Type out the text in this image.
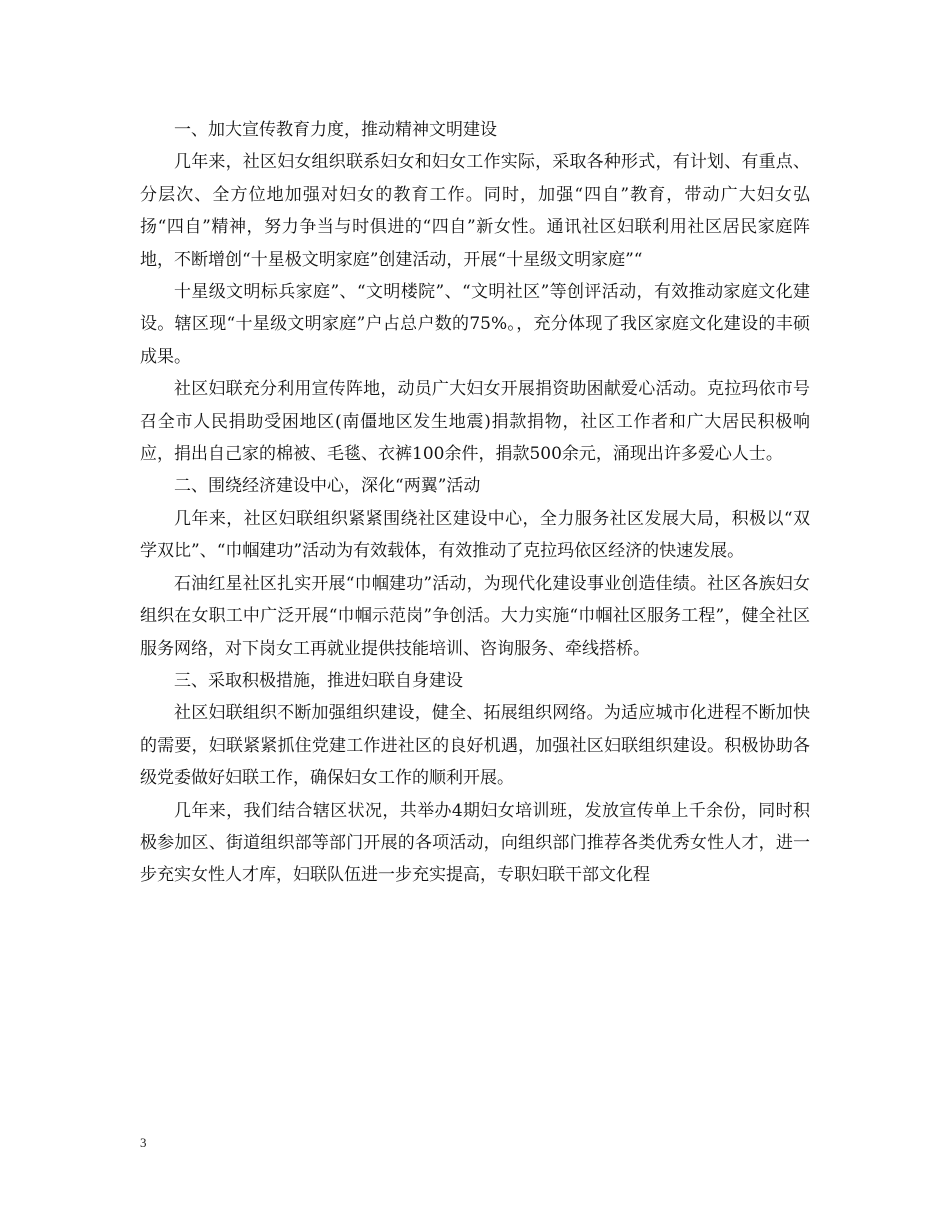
一、加大宣传教育力度，推动精神文明建设

几年来，社区妇女组织联系妇女和妇女工作实际，采取各种形式，有计划、有重点、分层次、全方位地加强对妇女的教育工作。同时，加强“四自”教育，带动广大妇女弘扬“四自”精神，努力争当与时俱进的“四自”新女性。通讯社区妇联利用社区居民家庭阵地，不断增创“十星极文明家庭”创建活动，开展“十星级文明家庭”“

十星级文明标兵家庭”、“文明楼院”、“文明社区”等创评活动，有效推动家庭文化建设。辖区现“十星级文明家庭”户占总户数的75%。，充分体现了我区家庭文化建设的丰硕成果。

社区妇联充分利用宣传阵地，动员广大妇女开展捐资助困献爱心活动。克拉玛依市号召全市人民捐助受困地区(南僵地区发生地震)捐款捐物，社区工作者和广大居民积极响应，捐出自己家的棉被、毛毯、衣裤100余件，捐款500余元，涌现出许多爱心人士。

二、围绕经济建设中心，深化“两翼”活动

几年来，社区妇联组织紧紧围绕社区建设中心，全力服务社区发展大局，积极以“双学双比”、“巾帼建功”活动为有效载体，有效推动了克拉玛依区经济的快速发展。

石油红星社区扎实开展“巾帼建功”活动，为现代化建设事业创造佳绩。社区各族妇女组织在女职工中广泛开展“巾帼示范岗”争创活。大力实施“巾帼社区服务工程”，健全社区服务网络，对下岗女工再就业提供技能培训、咨询服务、牵线搭桥。

三、采取积极措施，推进妇联自身建设

社区妇联组织不断加强组织建设，健全、拓展组织网络。为适应城市化进程不断加快的需要，妇联紧紧抓住党建工作进社区的良好机遇，加强社区妇联组织建设。积极协助各级党委做好妇联工作，确保妇女工作的顺利开展。

几年来，我们结合辖区状况，共举办4期妇女培训班，发放宣传单上千余份，同时积极参加区、街道组织部等部门开展的各项活动，向组织部门推荐各类优秀女性人才，进一步充实女性人才库，妇联队伍进一步充实提高，专职妇联干部文化程

3
